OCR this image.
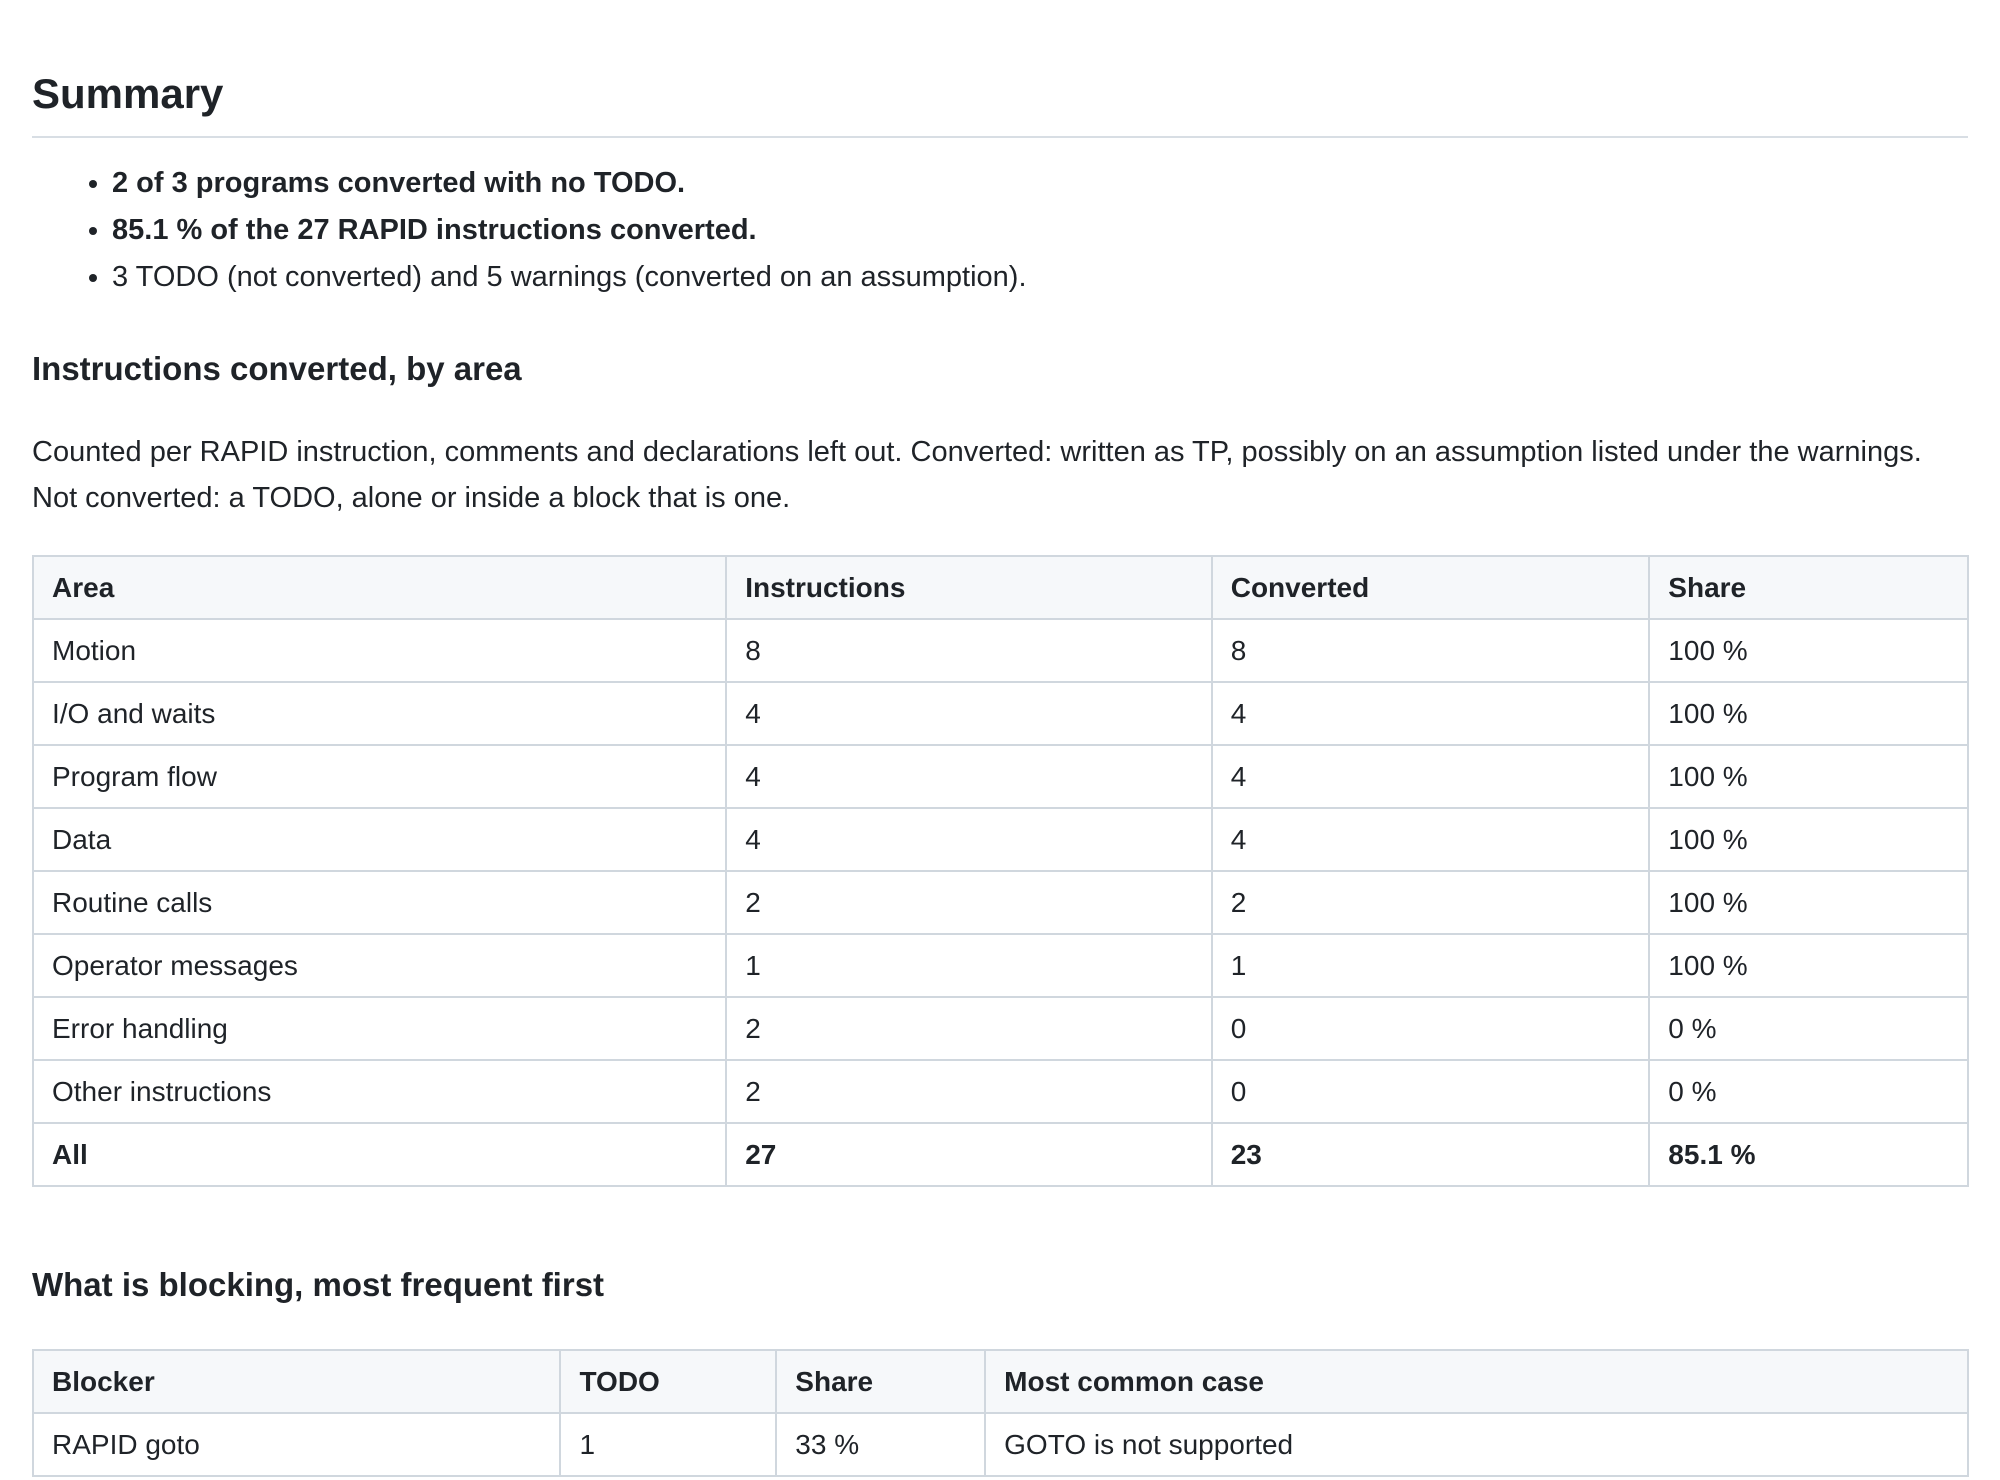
Summary
• 2 of 3 programs converted with no TODO.
• 85.1 % of the 27 RAPID instructions converted.
• 3 TODO (not converted) and 5 warnings (converted on an assumption).
Instructions converted, by area

Counted per RAPID instruction, comments and declarations left out. Converted: written as TP, possibly on an assumption listed under the warnings. Not converted: a TODO, alone or inside a block that is one.

Area	Instructions	Converted	Share
Motion	8	8	100 %
I/O and waits	4	4	100 %
Program flow	4	4	100 %
Data	4	4	100 %
Routine calls	2	2	100 %
Operator messages	1	1	100 %
Error handling	2	0	0 %
Other instructions	2	0	0 %
All	27	23	85.1 %
What is blocking, most frequent first
Blocker	TODO	Share	Most common case
RAPID goto	1	33 %	GOTO is not supported
